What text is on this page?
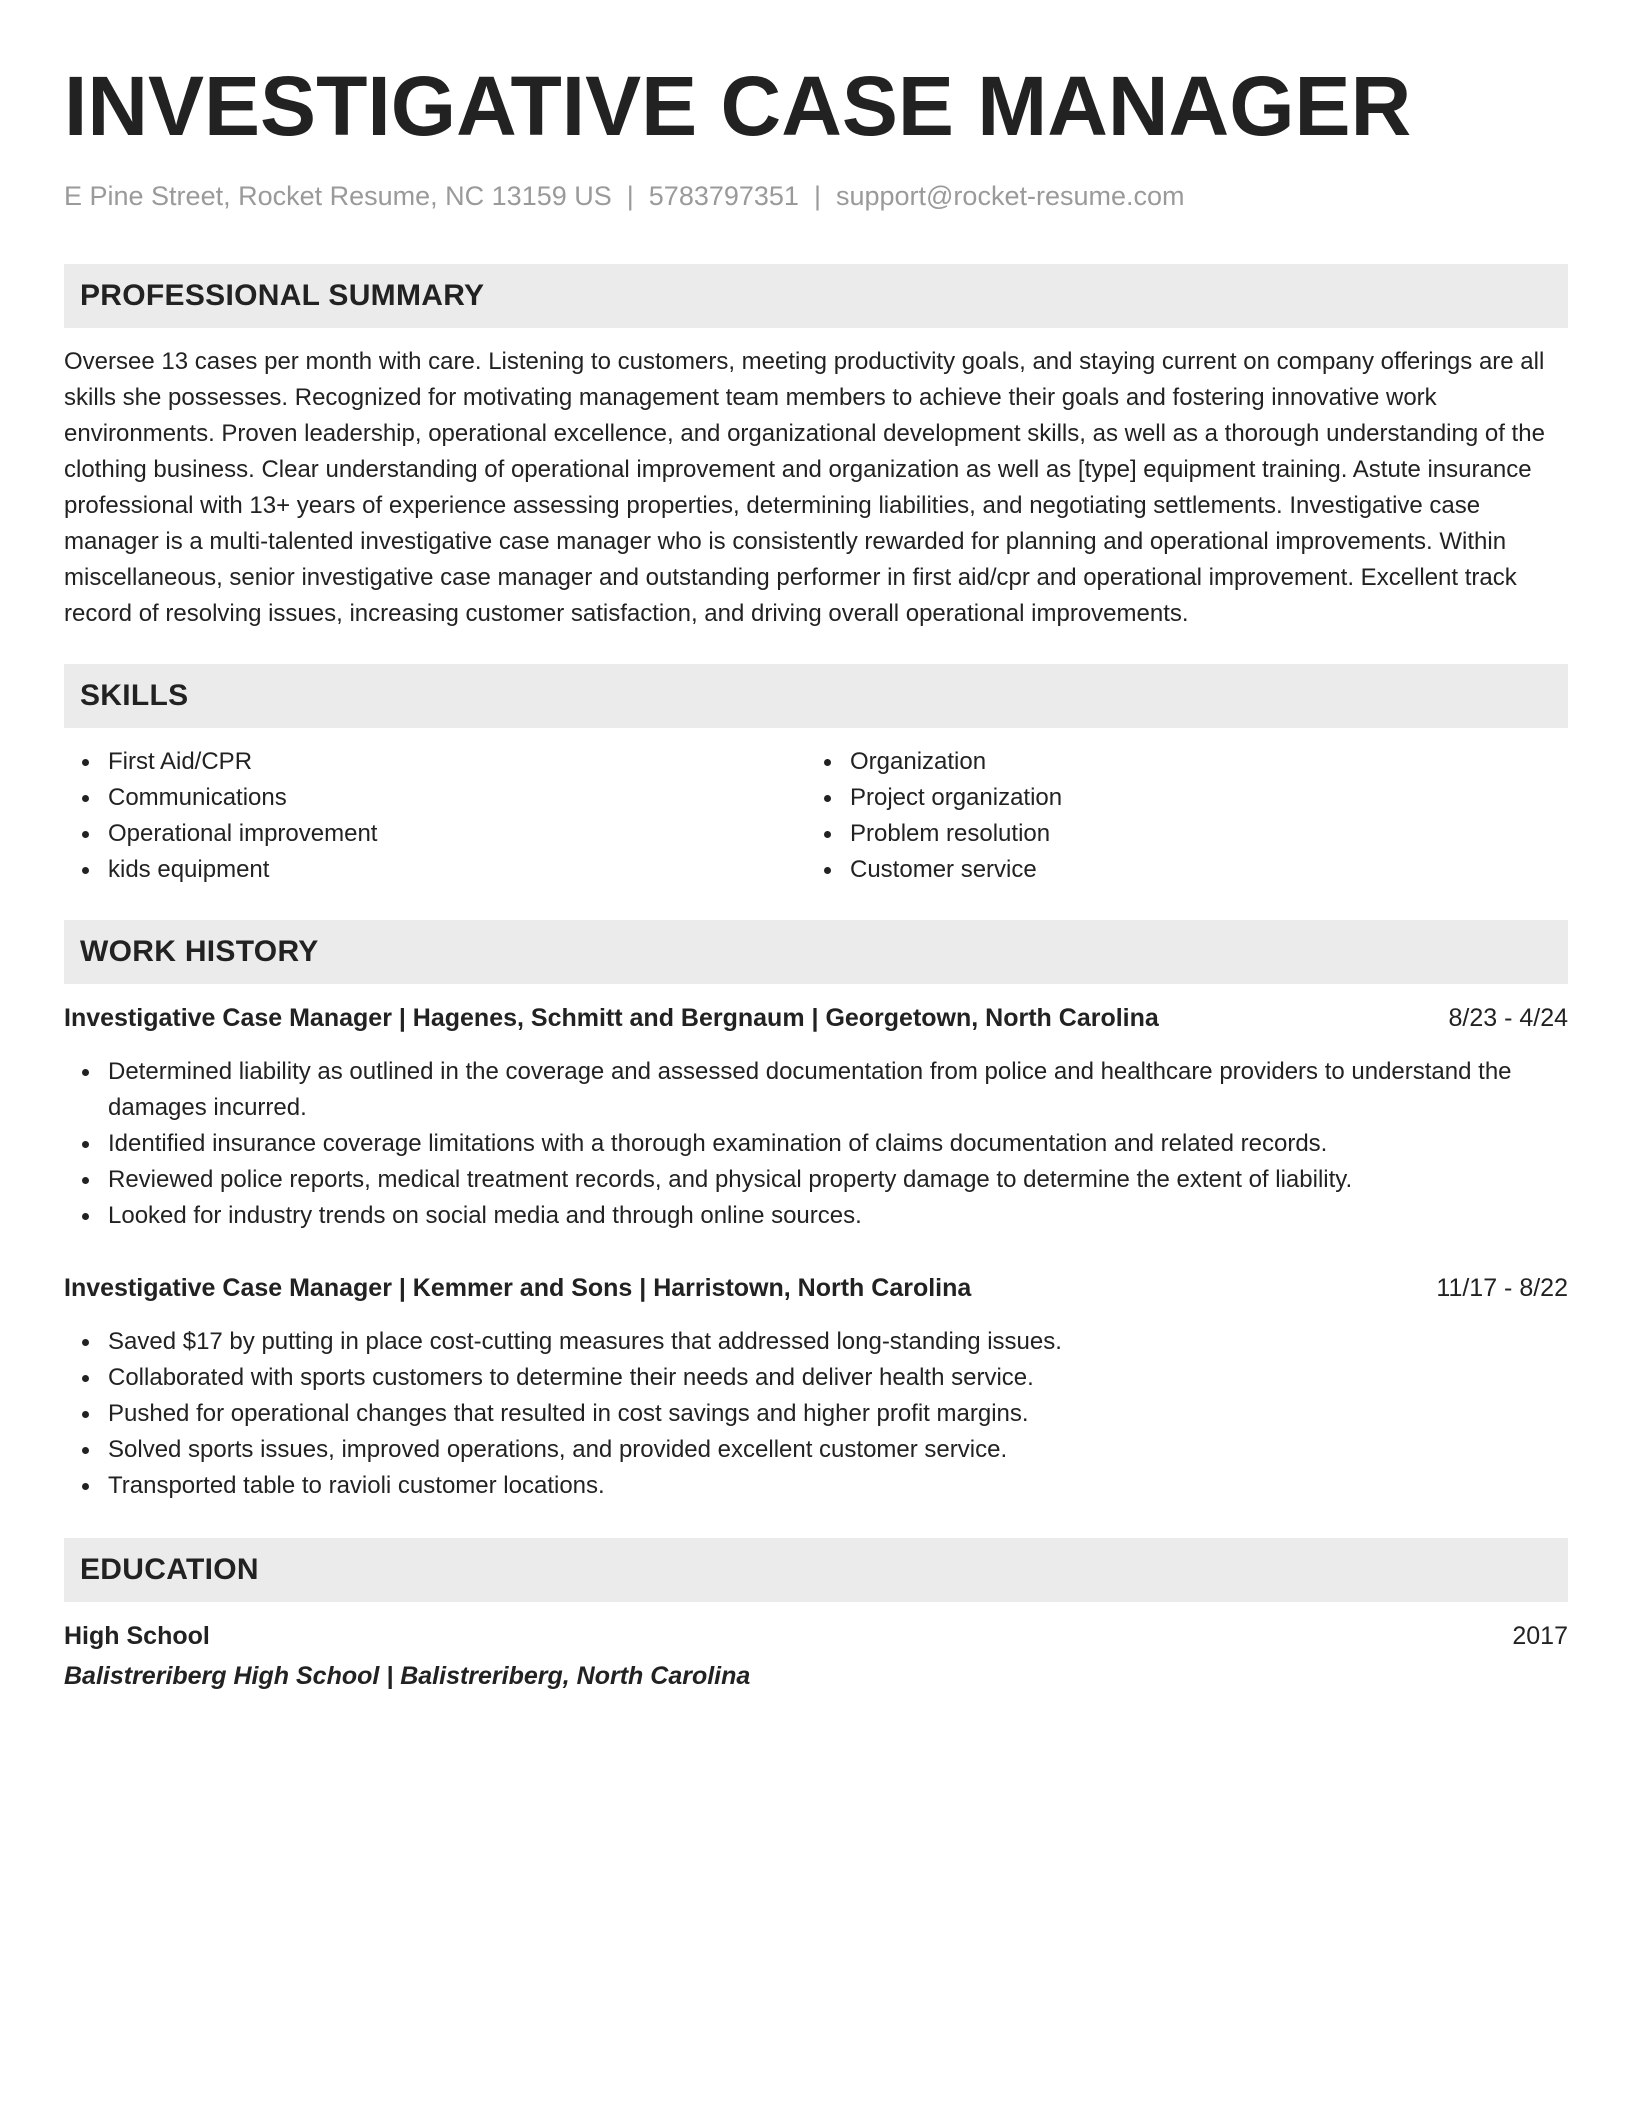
INVESTIGATIVE CASE MANAGER
E Pine Street, Rocket Resume, NC 13159 US | 5783797351 | support@rocket-resume.com
PROFESSIONAL SUMMARY
Oversee 13 cases per month with care. Listening to customers, meeting productivity goals, and staying current on company offerings are all skills she possesses. Recognized for motivating management team members to achieve their goals and fostering innovative work environments. Proven leadership, operational excellence, and organizational development skills, as well as a thorough understanding of the clothing business. Clear understanding of operational improvement and organization as well as [type] equipment training. Astute insurance professional with 13+ years of experience assessing properties, determining liabilities, and negotiating settlements. Investigative case manager is a multi-talented investigative case manager who is consistently rewarded for planning and operational improvements. Within miscellaneous, senior investigative case manager and outstanding performer in first aid/cpr and operational improvement. Excellent track record of resolving issues, increasing customer satisfaction, and driving overall operational improvements.
SKILLS
First Aid/CPR
Communications
Operational improvement
kids equipment
Organization
Project organization
Problem resolution
Customer service
WORK HISTORY
Investigative Case Manager | Hagenes, Schmitt and Bergnaum | Georgetown, North Carolina	8/23 - 4/24
Determined liability as outlined in the coverage and assessed documentation from police and healthcare providers to understand the damages incurred.
Identified insurance coverage limitations with a thorough examination of claims documentation and related records.
Reviewed police reports, medical treatment records, and physical property damage to determine the extent of liability.
Looked for industry trends on social media and through online sources.
Investigative Case Manager | Kemmer and Sons | Harristown, North Carolina	11/17 - 8/22
Saved $17 by putting in place cost-cutting measures that addressed long-standing issues.
Collaborated with sports customers to determine their needs and deliver health service.
Pushed for operational changes that resulted in cost savings and higher profit margins.
Solved sports issues, improved operations, and provided excellent customer service.
Transported table to ravioli customer locations.
EDUCATION
High School	2017
Balistreriberg High School | Balistreriberg, North Carolina
